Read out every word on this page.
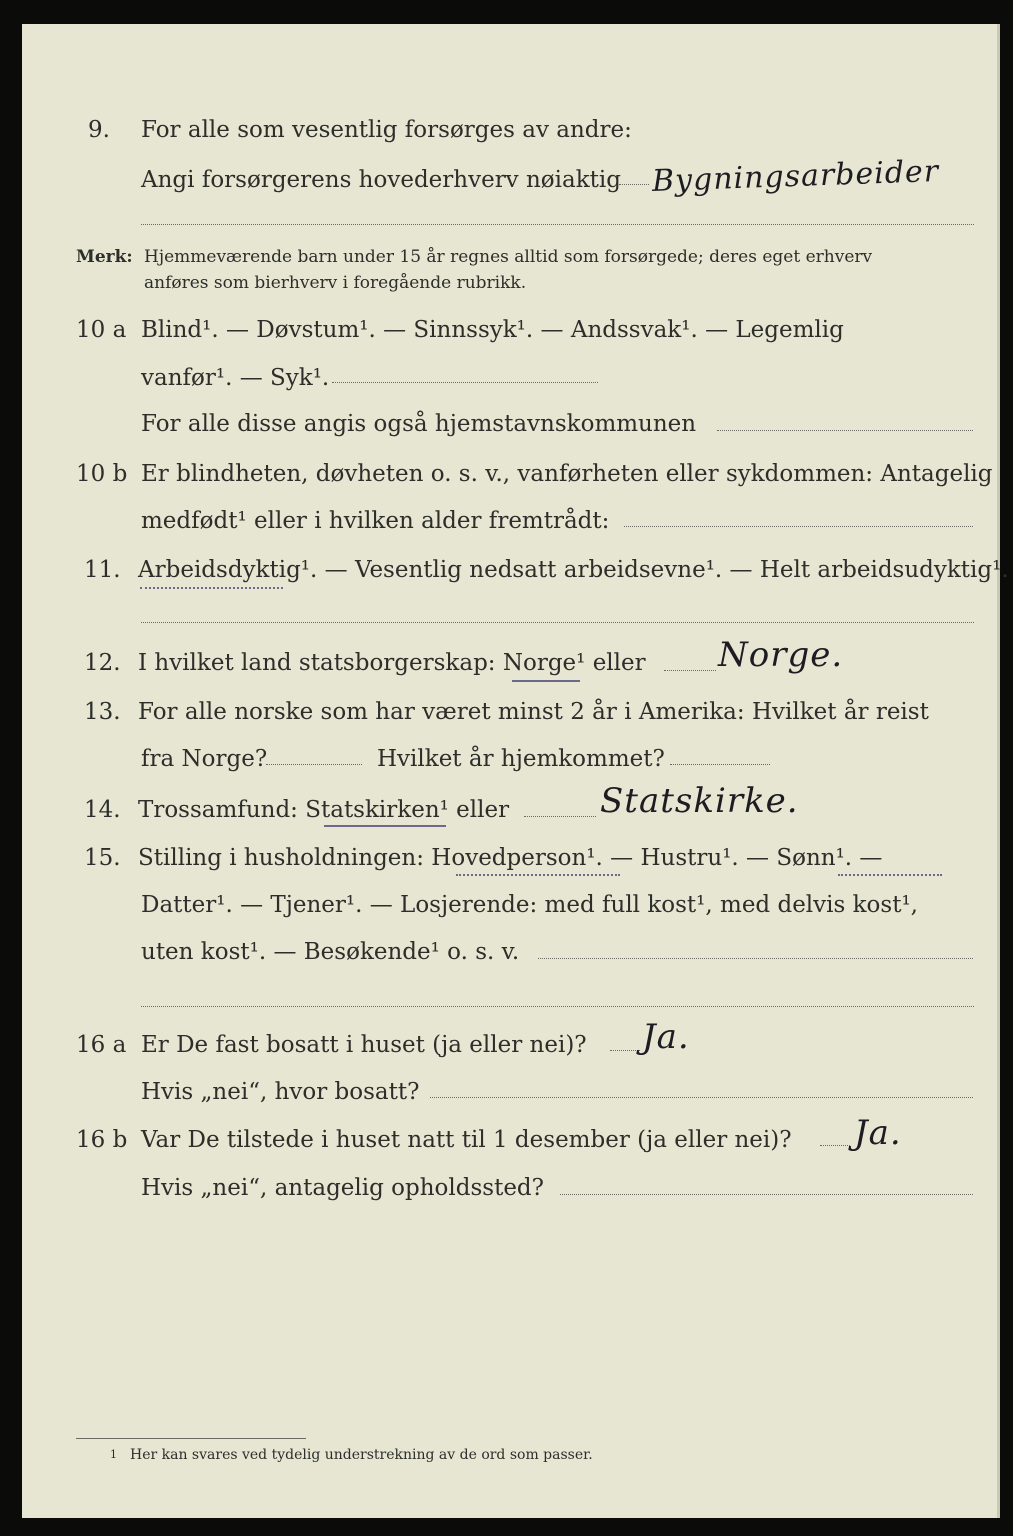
9. For alle som vesentlig forsørges av andre:
Angi forsørgerens hovederhverv nøiaktig Bygningsarbeider
Merk: Hjemmeværende barn under 15 år regnes alltid som forsørgede; deres eget erhverv
anføres som bierhverv i foregående rubrikk.
10 a Blind¹. — Døvstum¹. — Sinnssyk¹. — Andssvak¹. — Legemlig
vanfør¹. — Syk¹.
For alle disse angis også hjemstavnskommunen
10 b Er blindheten, døvheten o. s. v., vanførheten eller sykdommen: Antagelig
medfødt¹ eller i hvilken alder fremtrådt:
11. Arbeidsdyktig¹. — Vesentlig nedsatt arbeidsevne¹. — Helt arbeidsudyktig¹.
12. I hvilket land statsborgerskap: Norge¹ eller Norge.
13. For alle norske som har været minst 2 år i Amerika: Hvilket år reist
fra Norge?	Hvilket år hjemkommet?
14. Trossamfund: Statskirken¹ eller	Statskirke.
15. Stilling i husholdningen: Hovedperson¹. — Hustru¹. — Sønn¹. —
Datter¹. — Tjener¹. — Losjerende: med full kost¹, med delvis kost¹,
uten kost¹. — Besøkende¹ o. s. v.
16 a Er De fast bosatt i huset (ja eller nei)? Ja.
Hvis „nei“, hvor bosatt?
16 b Var De tilstede i huset natt til 1 desember (ja eller nei)? Ja.
Hvis „nei“, antagelig opholdssted?
1 Her kan svares ved tydelig understrekning av de ord som passer.
